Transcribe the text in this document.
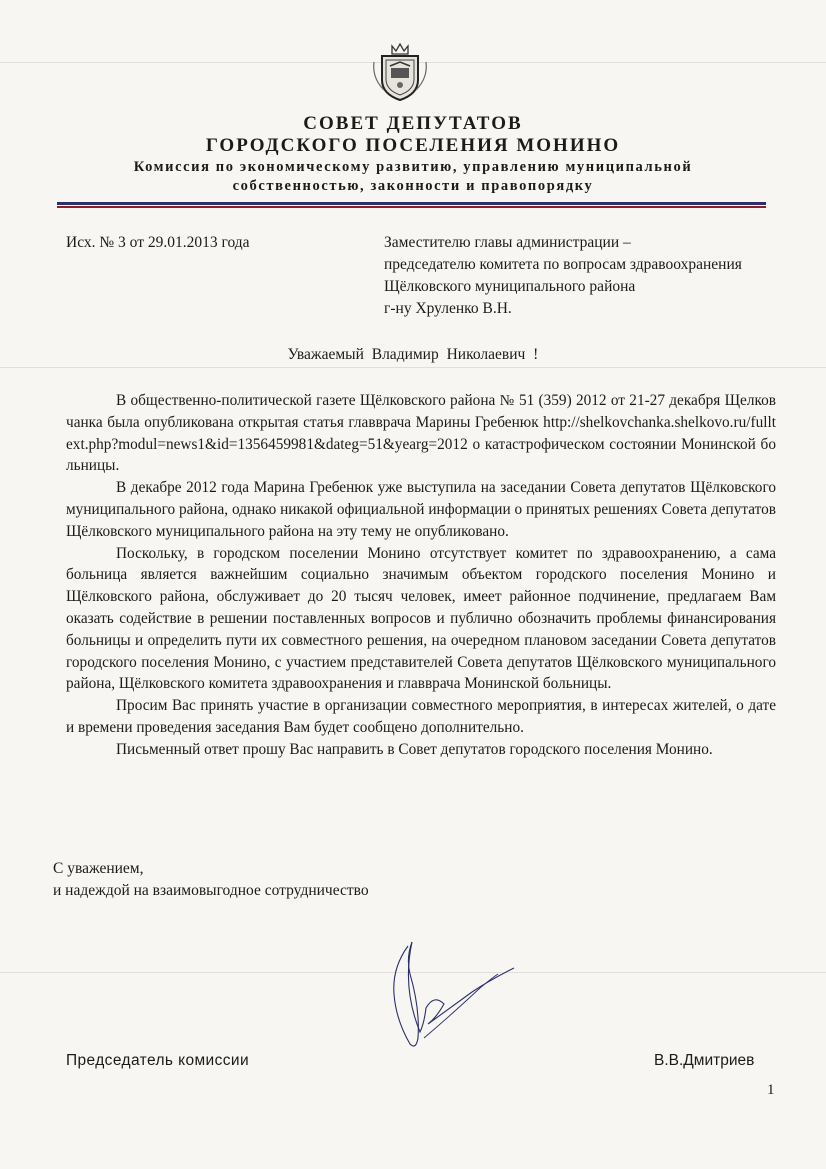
СОВЕТ ДЕПУТАТОВ
ГОРОДСКОГО ПОСЕЛЕНИЯ МОНИНО
Комиссия по экономическому развитию, управлению муниципальной
собственностью, законности и правопорядку
Исх. № 3 от 29.01.2013 года	Заместителю главы администрации –
председателю комитета по вопросам здравоохранения
Щёлковского муниципального района
г-ну Хруленко В.Н.
Уважаемый Владимир Николаевич !

В общественно-политической газете Щёлковского района № 51 (359) 2012 от 21-27 декабря Щелковчанка была опубликована открытая статья главврача Марины Гребенюк http://shelkovchanka.shelkovo.ru/fulltext.php?modul=news1&id=1356459981&dateg=51&yearg=2012 о катастрофическом состоянии Монинской больницы.

В декабре 2012 года Марина Гребенюк уже выступила на заседании Совета депутатов Щёлковского муниципального района, однако никакой официальной информации о принятых решениях Совета депутатов Щёлковского муниципального района на эту тему не опубликовано.

Поскольку, в городском поселении Монино отсутствует комитет по здравоохранению, а сама больница является важнейшим социально значимым объектом городского поселения Монино и Щёлковского района, обслуживает до 20 тысяч человек, имеет районное подчинение, предлагаем Вам оказать содействие в решении поставленных вопросов и публично обозначить проблемы финансирования больницы и определить пути их совместного решения, на очередном плановом заседании Совета депутатов городского поселения Монино, с участием представителей Совета депутатов Щёлковского муниципального района, Щёлковского комитета здравоохранения и главврача Монинской больницы.

Просим Вас принять участие в организации совместного мероприятия, в интересах жителей, о дате и времени проведения заседания Вам будет сообщено дополнительно.

Письменный ответ прошу Вас направить в Совет депутатов городского поселения Монино.

С уважением,
и надеждой на взаимовыгодное сотрудничество
Председатель комиссии	В.В.Дмитриев
1
